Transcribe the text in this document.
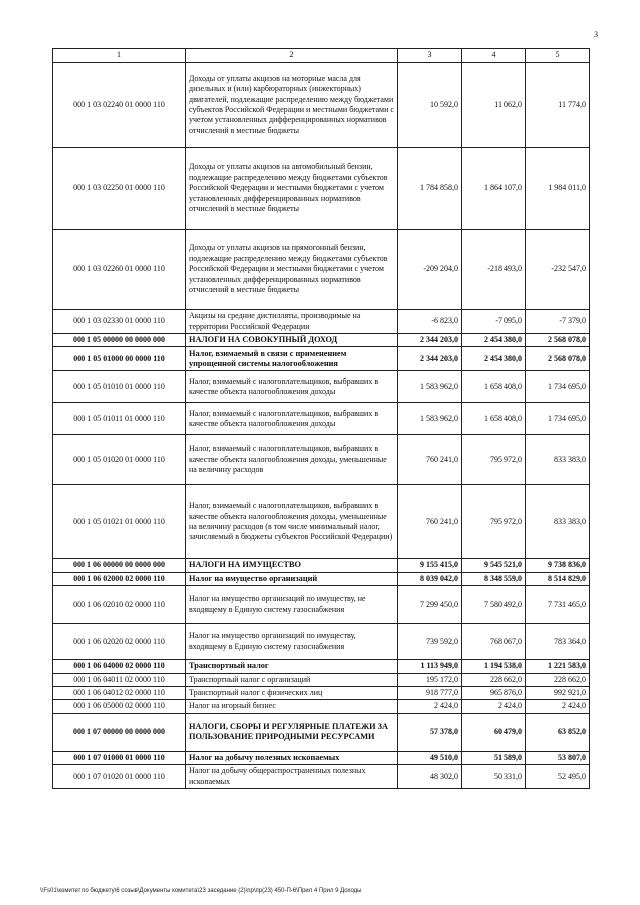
3
1	2	3	4	5
000 1 03 02240 01 0000 110	Доходы от уплаты акцизов на моторные масла для дизельных и (или) карбюраторных (инжекторных) двигателей, подлежащие распределению между бюджетами субъектов Российской Федерации и местными бюджетами с учетом установленных дифференцированных нормативов отчислений в местные бюджеты	10 592,0	11 062,0	11 774,0
000 1 03 02250 01 0000 110	Доходы от уплаты акцизов на автомобильный бензин, подлежащие распределению между бюджетами субъектов Российской Федерации и местными бюджетами с учетом установленных дифференцированных нормативов отчислений в местные бюджеты	1 784 858,0	1 864 107,0	1 984 011,0
000 1 03 02260 01 0000 110	Доходы от уплаты акцизов на прямогонный бензин, подлежащие распределению между бюджетами субъектов Российской Федерации и местными бюджетами с учетом установленных дифференцированных нормативов отчислений в местные бюджеты	-209 204,0	-218 493,0	-232 547,0
000 1 03 02330 01 0000 110	Акцизы на средние дистилляты, производимые на территории Российской Федерации	-6 823,0	-7 095,0	-7 379,0
000 1 05 00000 00 0000 000	НАЛОГИ НА СОВОКУПНЫЙ ДОХОД	2 344 203,0	2 454 380,0	2 568 078,0
000 1 05 01000 00 0000 110	Налог, взимаемый в связи с применением упрощенной системы налогообложения	2 344 203,0	2 454 380,0	2 568 078,0
000 1 05 01010 01 0000 110	Налог, взимаемый с налогоплательщиков, выбравших в качестве объекта налогообложения доходы	1 583 962,0	1 658 408,0	1 734 695,0
000 1 05 01011 01 0000 110	Налог, взимаемый с налогоплательщиков, выбравших в качестве объекта налогообложения доходы	1 583 962,0	1 658 408,0	1 734 695,0
000 1 05 01020 01 0000 110	Налог, взимаемый с налогоплательщиков, выбравших в качестве объекта налогообложения доходы, уменьшенные на величину расходов	760 241,0	795 972,0	833 383,0
000 1 05 01021 01 0000 110	Налог, взимаемый с налогоплательщиков, выбравших в качестве объекта налогообложения доходы, уменьшенные на величину расходов (в том числе минимальный налог, зачисляемый в бюджеты субъектов Российской Федерации)	760 241,0	795 972,0	833 383,0
000 1 06 00000 00 0000 000	НАЛОГИ НА ИМУЩЕСТВО	9 155 415,0	9 545 521,0	9 738 836,0
000 1 06 02000 02 0000 110	Налог на имущество организаций	8 039 042,0	8 348 559,0	8 514 829,0
000 1 06 02010 02 0000 110	Налог на имущество организаций по имуществу, не входящему в Единую систему газоснабжения	7 299 450,0	7 580 492,0	7 731 465,0
000 1 06 02020 02 0000 110	Налог на имущество организаций по имуществу, входящему в Единую систему газоснабжения	739 592,0	768 067,0	783 364,0
000 1 06 04000 02 0000 110	Транспортный налог	1 113 949,0	1 194 538,0	1 221 583,0
000 1 06 04011 02 0000 110	Транспортный налог с организаций	195 172,0	228 662,0	228 662,0
000 1 06 04012 02 0000 110	Транспортный налог с физических лиц	918 777,0	965 876,0	992 921,0
000 1 06 05000 02 0000 110	Налог на игорный бизнес	2 424,0	2 424,0	2 424,0
000 1 07 00000 00 0000 000	НАЛОГИ, СБОРЫ И РЕГУЛЯРНЫЕ ПЛАТЕЖИ ЗА ПОЛЬЗОВАНИЕ ПРИРОДНЫМИ РЕСУРСАМИ	57 378,0	60 479,0	63 852,0
000 1 07 01000 01 0000 110	Налог на добычу полезных ископаемых	49 510,0	51 589,0	53 807,0
000 1 07 01020 01 0000 110	Налог на добычу общераспространенных полезных ископаемых	48 302,0	50 331,0	52 495,0
\\Fs01\комитет по бюджету\6 созыв\Документы комитета\23 заседание (2)\пр\пр(23) 450-П-6\Прил 4 Прил 9 Доходы
